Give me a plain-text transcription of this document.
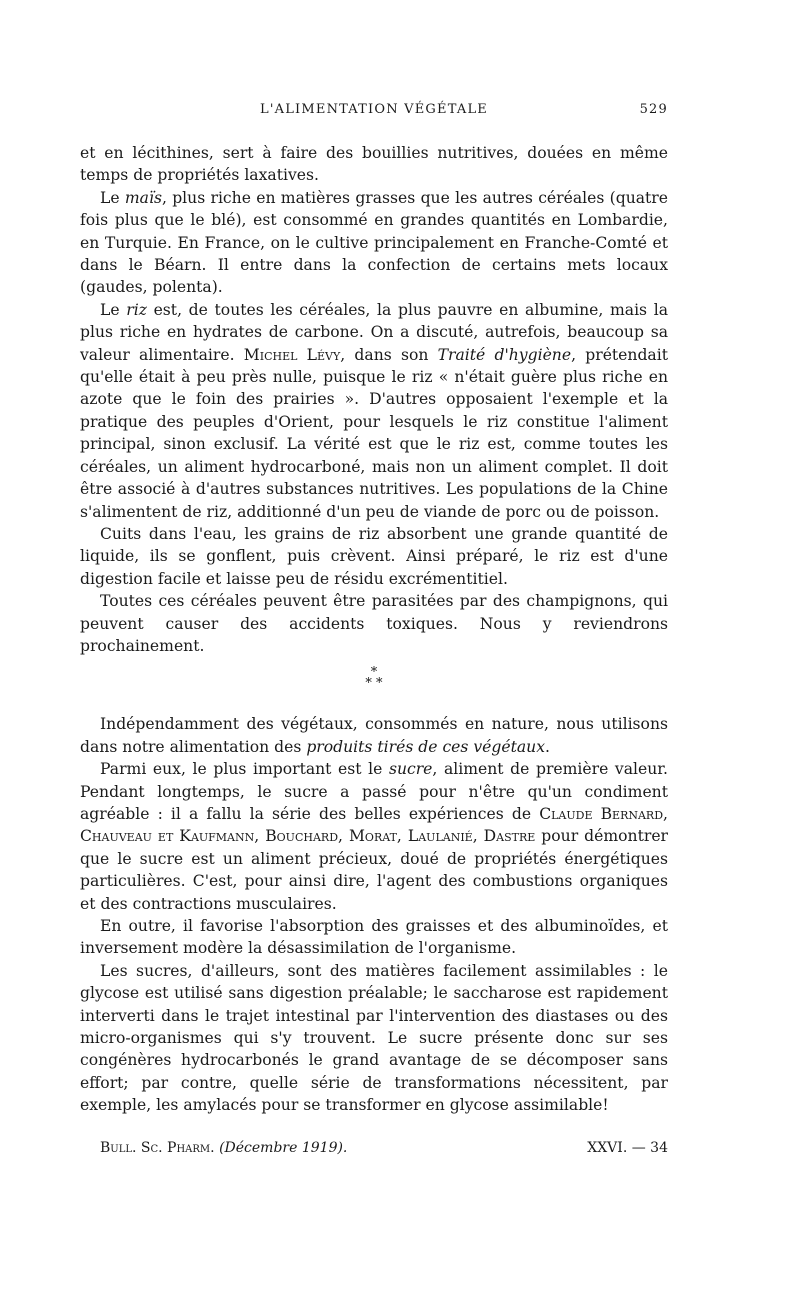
L'ALIMENTATION VÉGÉTALE	529

et en lécithines, sert à faire des bouillies nutritives, douées en même temps de propriétés laxatives.

Le maïs, plus riche en matières grasses que les autres céréales (quatre fois plus que le blé), est consommé en grandes quantités en Lombardie, en Turquie. En France, on le cultive principalement en Franche-Comté et dans le Béarn. Il entre dans la confection de certains mets locaux (gaudes, polenta).

Le riz est, de toutes les céréales, la plus pauvre en albumine, mais la plus riche en hydrates de carbone. On a discuté, autrefois, beaucoup sa valeur alimentaire. Michel Lévy, dans son Traité d'hygiène, prétendait qu'elle était à peu près nulle, puisque le riz « n'était guère plus riche en azote que le foin des prairies ». D'autres opposaient l'exemple et la pratique des peuples d'Orient, pour lesquels le riz constitue l'aliment principal, sinon exclusif. La vérité est que le riz est, comme toutes les céréales, un aliment hydrocarboné, mais non un aliment complet. Il doit être associé à d'autres substances nutritives. Les populations de la Chine s'alimentent de riz, additionné d'un peu de viande de porc ou de poisson.

Cuits dans l'eau, les grains de riz absorbent une grande quantité de liquide, ils se gonflent, puis crèvent. Ainsi préparé, le riz est d'une digestion facile et laisse peu de résidu excrémentitiel.

Toutes ces céréales peuvent être parasitées par des champignons, qui peuvent causer des accidents toxiques. Nous y reviendrons prochainement.

*
* *

Indépendamment des végétaux, consommés en nature, nous utilisons dans notre alimentation des produits tirés de ces végétaux.

Parmi eux, le plus important est le sucre, aliment de première valeur. Pendant longtemps, le sucre a passé pour n'être qu'un condiment agréable : il a fallu la série des belles expériences de Claude Bernard, Chauveau et Kaufmann, Bouchard, Morat, Laulanié, Dastre pour démontrer que le sucre est un aliment précieux, doué de propriétés énergétiques particulières. C'est, pour ainsi dire, l'agent des combustions organiques et des contractions musculaires.

En outre, il favorise l'absorption des graisses et des albuminoïdes, et inversement modère la désassimilation de l'organisme.

Les sucres, d'ailleurs, sont des matières facilement assimilables : le glycose est utilisé sans digestion préalable; le saccharose est rapidement interverti dans le trajet intestinal par l'intervention des diastases ou des micro-organismes qui s'y trouvent. Le sucre présente donc sur ses congénères hydrocarbonés le grand avantage de se décomposer sans effort; par contre, quelle série de transformations nécessitent, par exemple, les amylacés pour se transformer en glycose assimilable!

Bull. Sc. Pharm. (Décembre 1919).	XXVI. — 34
